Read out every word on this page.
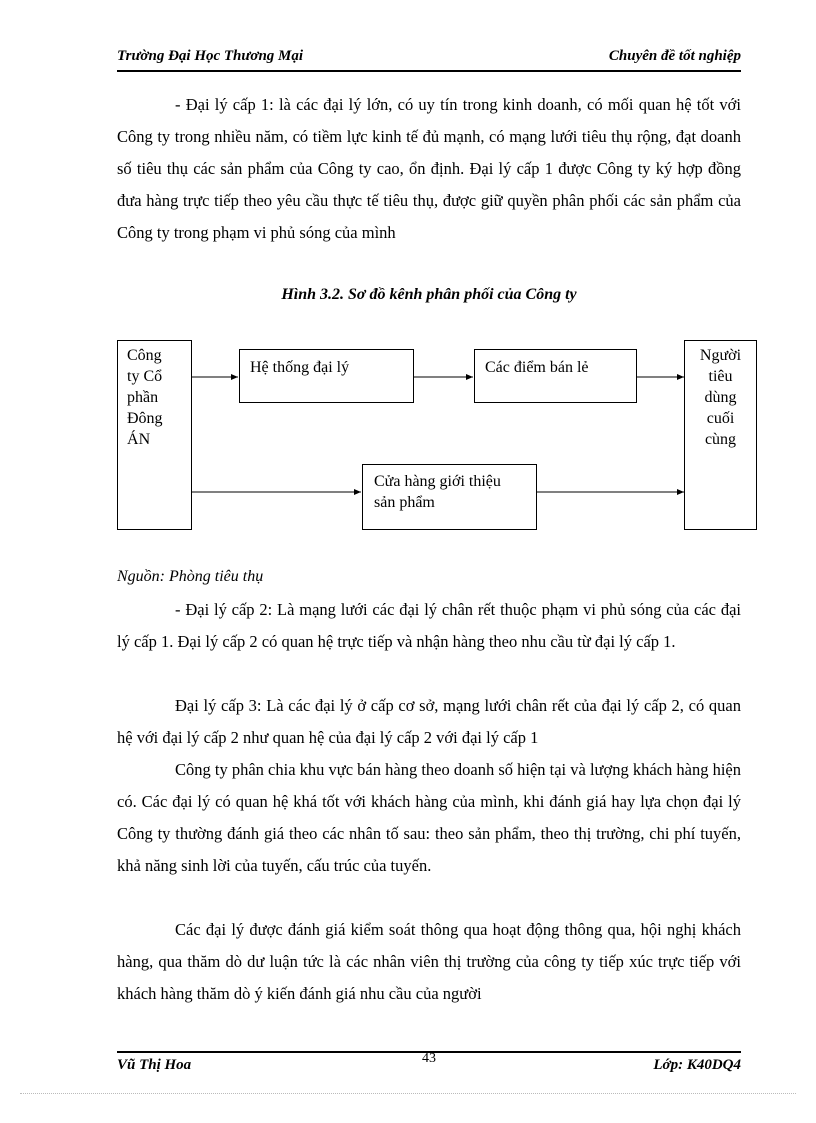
Trường Đại Học Thương Mại	Chuyên đề tốt nghiệp

- Đại lý cấp 1: là các đại lý lớn, có uy tín trong kinh doanh, có mối quan hệ tốt với Công ty trong nhiều năm, có tiềm lực kinh tế đủ mạnh, có mạng lưới tiêu thụ rộng, đạt doanh số tiêu thụ các sản phẩm của Công ty cao, ổn định. Đại lý cấp 1 được Công ty ký hợp đồng đưa hàng trực tiếp theo yêu cầu thực tế tiêu thụ, được giữ quyền phân phối các sản phẩm của Công ty trong phạm vi phủ sóng của mình

Hình 3.2. Sơ đồ kênh phân phối của Công ty
Công
ty Cổ
phần
Đông
ÁN
Hệ thống đại lý	Các điểm bán lẻ
Cửa hàng giới thiệu
sản phẩm
Người
tiêu
dùng
cuối
cùng
Nguồn: Phòng tiêu thụ

- Đại lý cấp 2: Là mạng lưới các đại lý chân rết thuộc phạm vi phủ sóng của các đại lý cấp 1. Đại lý cấp 2 có quan hệ trực tiếp và nhận hàng theo nhu cầu từ đại lý cấp 1.

Đại lý cấp 3: Là các đại lý ở cấp cơ sở, mạng lưới chân rết của đại lý cấp 2, có quan hệ với đại lý cấp 2 như quan hệ của đại lý cấp 2 với đại lý cấp 1

Công ty phân chia khu vực bán hàng theo doanh số hiện tại và lượng khách hàng hiện có. Các đại lý có quan hệ khá tốt với khách hàng của mình, khi đánh giá hay lựa chọn đại lý Công ty thường đánh giá theo các nhân tố sau: theo sản phẩm, theo thị trường, chi phí tuyến, khả năng sinh lời của tuyến, cấu trúc của tuyến.

Các đại lý được đánh giá kiểm soát thông qua hoạt động thông qua, hội nghị khách hàng, qua thăm dò dư luận tức là các nhân viên thị trường của công ty tiếp xúc trực tiếp với khách hàng thăm dò ý kiến đánh giá nhu cầu của người

Vũ Thị Hoa	43	Lớp: K40DQ4
